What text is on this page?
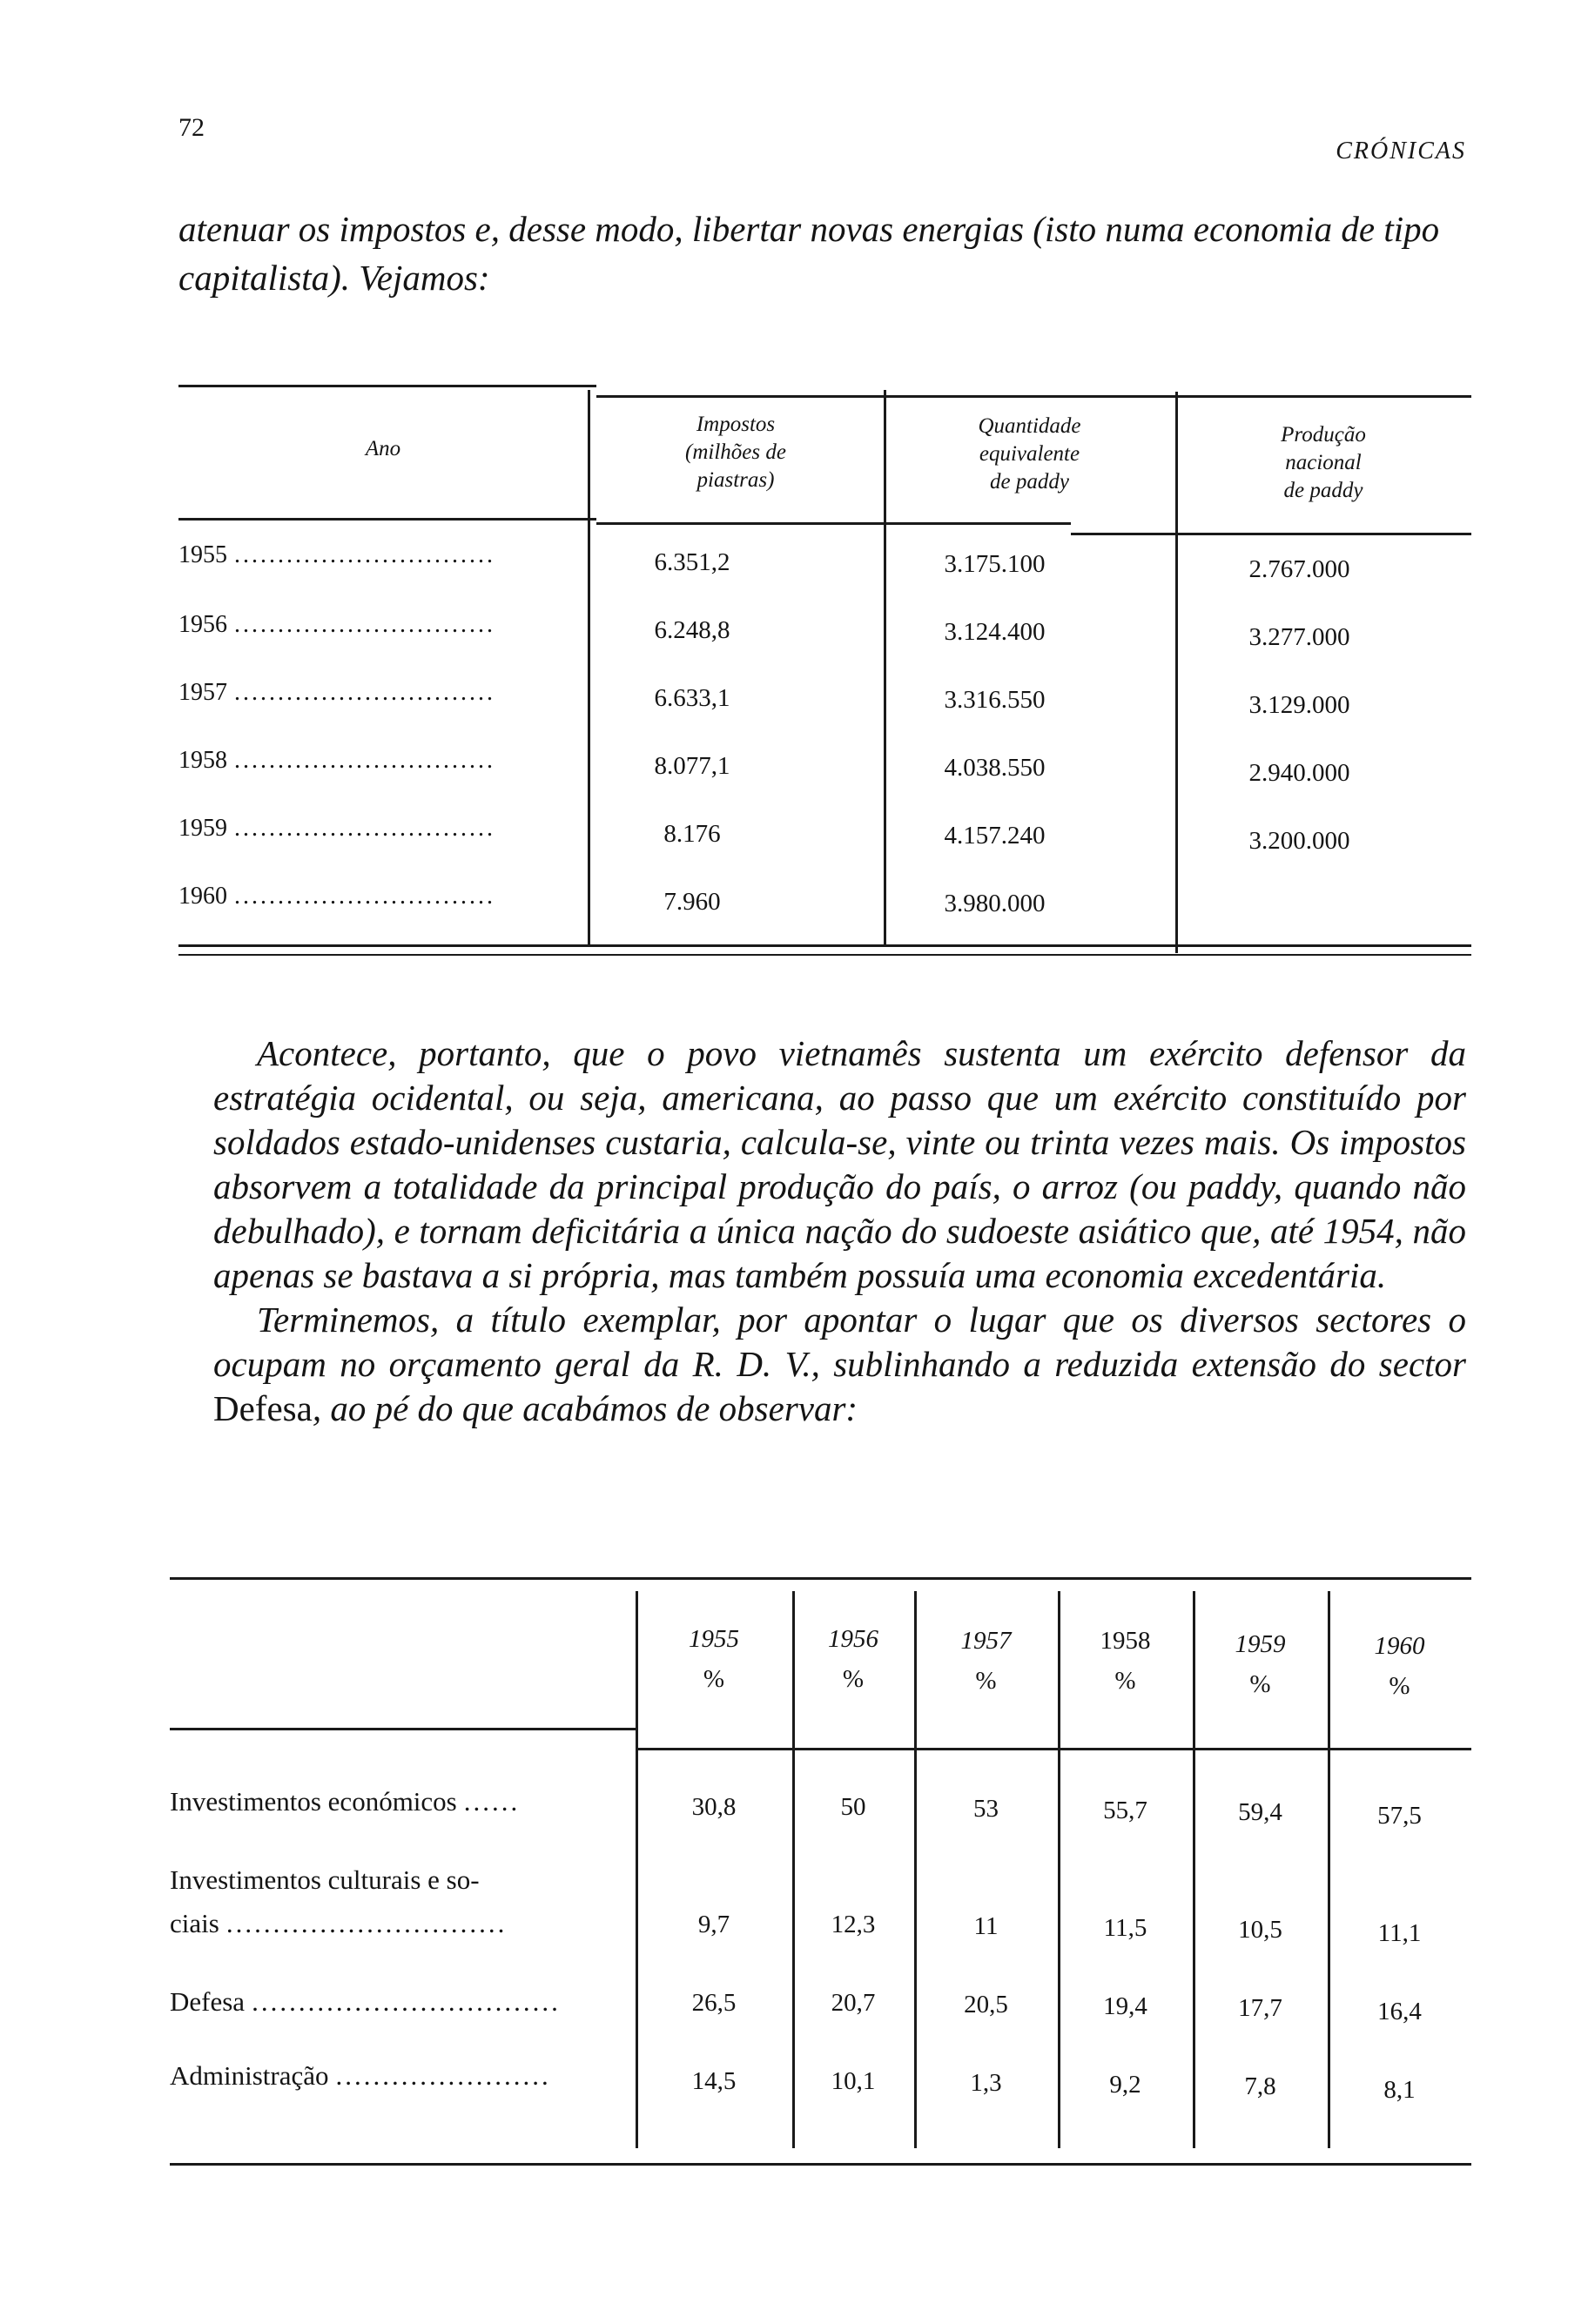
72
CRÓNICAS
atenuar os impostos e, desse modo, libertar novas energias (isto numa economia de tipo capitalista). Vejamos:
Ano
Impostos
(milhões de
piastras)
Quantidade
equivalente
de paddy
Produção
nacional
de paddy
1955 ..............................	6.351,2	3.175.100	2.767.000
1956 ..............................	6.248,8	3.124.400	3.277.000
1957 ..............................	6.633,1	3.316.550	3.129.000
1958 ..............................	8.077,1	4.038.550	2.940.000
1959 ..............................	8.176	4.157.240	3.200.000
1960 ..............................	7.960	3.980.000

Acontece, portanto, que o povo vietnamês sustenta um exército defensor da estratégia ocidental, ou seja, americana, ao passo que um exército constituído por soldados estado-unidenses custaria, calcula-se, vinte ou trinta vezes mais. Os impostos absorvem a totalidade da principal produção do país, o arroz (ou paddy, quando não debulhado), e tornam deficitária a única nação do sudoeste asiático que, até 1954, não apenas se bastava a si própria, mas também possuía uma economia excedentária.

Terminemos, a título exemplar, por apontar o lugar que os diversos sectores o ocupam no orçamento geral da R. D. V., sublinhando a reduzida extensão do sector Defesa, ao pé do que acabámos de observar:

1955
%
1956
%
1957
%
1958
%
1959
%
1960
%
Investimentos económicos......	30,8	50	53	55,7	59,4	57,5
Investimentos culturais e so-
ciais..............................	9,7	12,3	11	11,5	10,5	11,1
Defesa.................................	26,5	20,7	20,5	19,4	17,7	16,4
Administração.......................	14,5	10,1	1,3	9,2	7,8	8,1
